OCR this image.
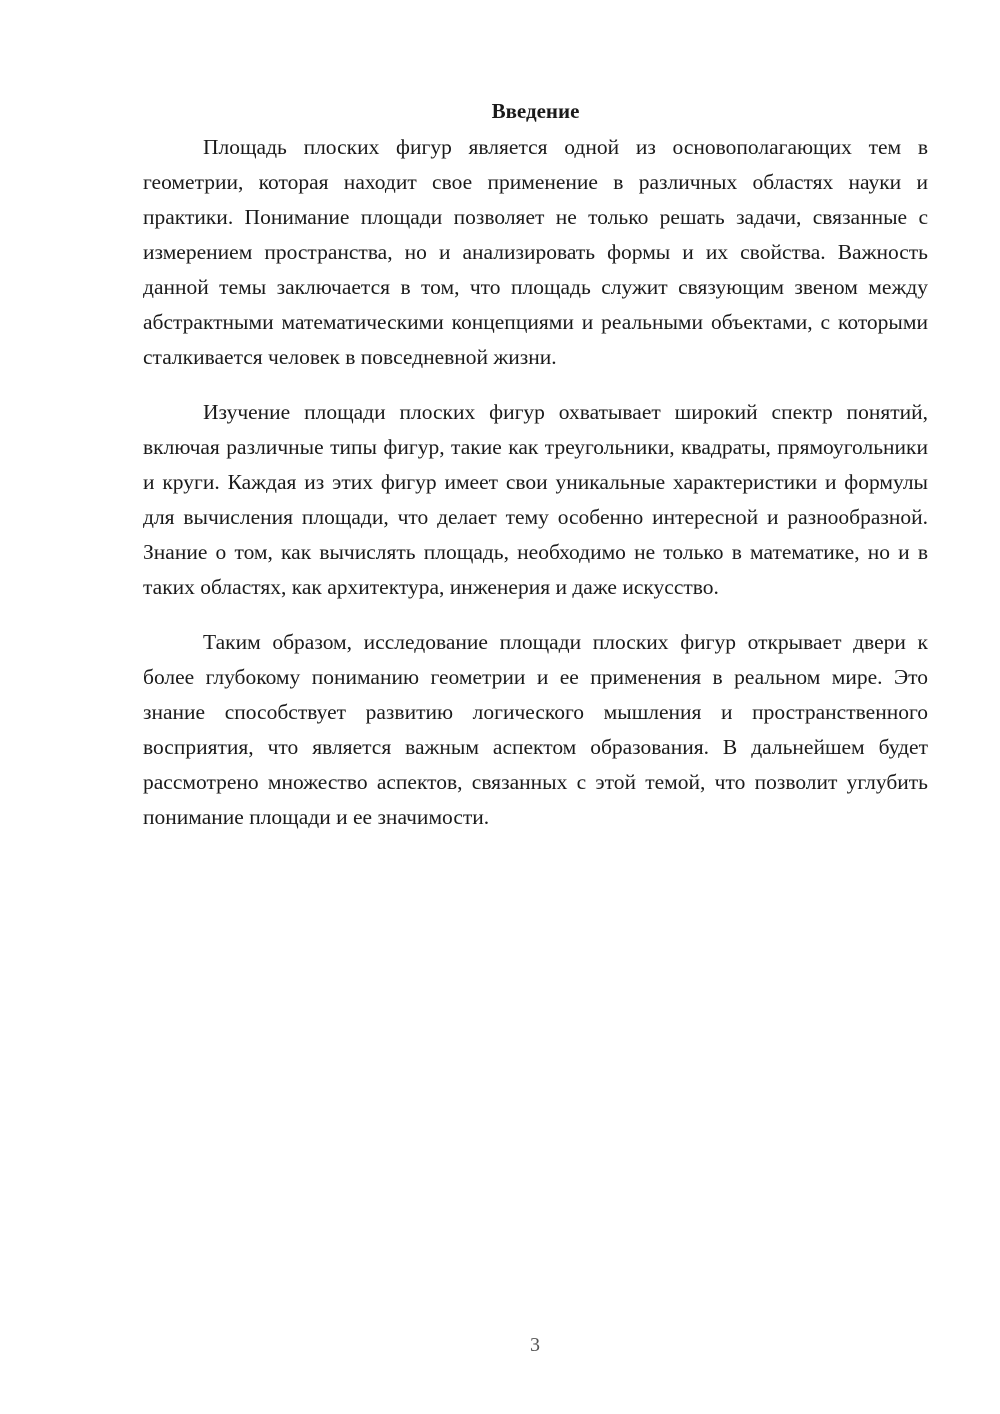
Введение

Площадь плоских фигур является одной из основополагающих тем в геометрии, которая находит свое применение в различных областях науки и практики. Понимание площади позволяет не только решать задачи, связанные с измерением пространства, но и анализировать формы и их свойства. Важность данной темы заключается в том, что площадь служит связующим звеном между абстрактными математическими концепциями и реальными объектами, с которыми сталкивается человек в повседневной жизни.

Изучение площади плоских фигур охватывает широкий спектр понятий, включая различные типы фигур, такие как треугольники, квадраты, прямоугольники и круги. Каждая из этих фигур имеет свои уникальные характеристики и формулы для вычисления площади, что делает тему особенно интересной и разнообразной. Знание о том, как вычислять площадь, необходимо не только в математике, но и в таких областях, как архитектура, инженерия и даже искусство.

Таким образом, исследование площади плоских фигур открывает двери к более глубокому пониманию геометрии и ее применения в реальном мире. Это знание способствует развитию логического мышления и пространственного восприятия, что является важным аспектом образования. В дальнейшем будет рассмотрено множество аспектов, связанных с этой темой, что позволит углубить понимание площади и ее значимости.

3
